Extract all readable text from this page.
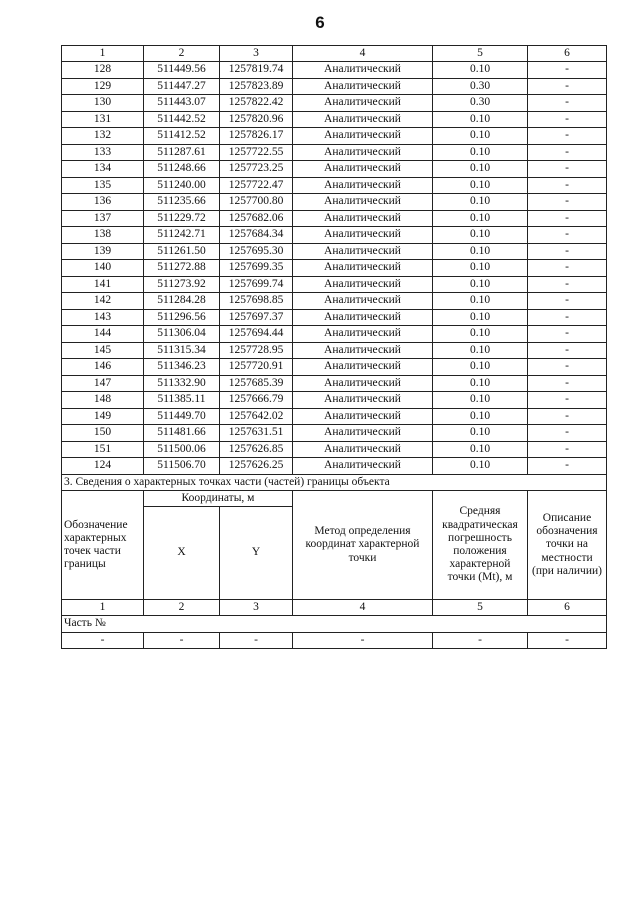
6
1	2	3	4	5	6
128	511449.56	1257819.74	Аналитический	0.10	-
129	511447.27	1257823.89	Аналитический	0.30	-
130	511443.07	1257822.42	Аналитический	0.30	-
131	511442.52	1257820.96	Аналитический	0.10	-
132	511412.52	1257826.17	Аналитический	0.10	-
133	511287.61	1257722.55	Аналитический	0.10	-
134	511248.66	1257723.25	Аналитический	0.10	-
135	511240.00	1257722.47	Аналитический	0.10	-
136	511235.66	1257700.80	Аналитический	0.10	-
137	511229.72	1257682.06	Аналитический	0.10	-
138	511242.71	1257684.34	Аналитический	0.10	-
139	511261.50	1257695.30	Аналитический	0.10	-
140	511272.88	1257699.35	Аналитический	0.10	-
141	511273.92	1257699.74	Аналитический	0.10	-
142	511284.28	1257698.85	Аналитический	0.10	-
143	511296.56	1257697.37	Аналитический	0.10	-
144	511306.04	1257694.44	Аналитический	0.10	-
145	511315.34	1257728.95	Аналитический	0.10	-
146	511346.23	1257720.91	Аналитический	0.10	-
147	511332.90	1257685.39	Аналитический	0.10	-
148	511385.11	1257666.79	Аналитический	0.10	-
149	511449.70	1257642.02	Аналитический	0.10	-
150	511481.66	1257631.51	Аналитический	0.10	-
151	511500.06	1257626.85	Аналитический	0.10	-
124	511506.70	1257626.25	Аналитический	0.10	-
3. Сведения о характерных точках части (частей) границы объекта					
Обозначение характерных точек части границы	Координаты, м		Метод определения координат характерной точки	Средняя квадратическая погрешность положения характерной точки (Mt), м	Описание обозначения точки на местности (при наличии)
	X	Y			
1	2	3	4	5	6
Часть №					
-	-	-	-	-	-
